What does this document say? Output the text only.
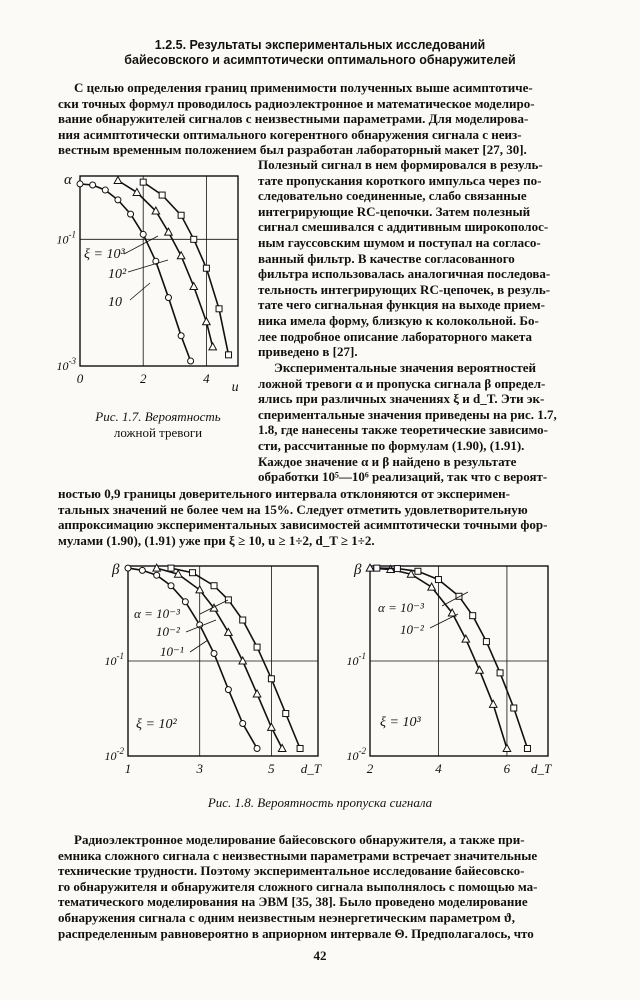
1.2.5. Результаты экспериментальных исследований
байесовского и асимптотически оптимального обнаружителей
С целью определения границ применимости полученных выше асимптотиче-
ски точных формул проводилось радиоэлектронное и математическое моделиро-
вание обнаружителей сигналов с неизвестными параметрами. Для моделирова-
ния асимптотически оптимального когерентного обнаружения сигнала с неиз-
вестным временным положением был разработан лабораторный макет [27, 30].
Полезный сигнал в нем формировался в резуль-
тате пропускания короткого импульса через по-
следовательно соединенные, слабо связанные
интегрирующие RC-цепочки. Затем полезный
сигнал смешивался с аддитивным широкополос-
ным гауссовским шумом и поступал на согласо-
ванный фильтр. В качестве согласованного
фильтра использовалась аналогичная последова-
тельность интегрирующих RC-цепочек, в резуль-
тате чего сигнальная функция на выходе прием-
ника имела форму, близкую к колокольной. Бо-
лее подробное описание лабораторного макета
приведено в [27].
Экспериментальные значения вероятностей
ложной тревоги α и пропуска сигнала β определ-
ялись при различных значениях ξ и d_T. Эти эк-
спериментальные значения приведены на рис. 1.7,
1.8, где нанесены также теоретические зависимо-
сти, рассчитанные по формулам (1.90), (1.91).
Каждое значение α и β найдено в результате
обработки 10⁵—10⁶ реализаций, так что с вероят-
ностью 0,9 границы доверительного интервала отклоняются от эксперимен-
тальных значений не более чем на 15%. Следует отметить удовлетворительную
аппроксимацию экспериментальных зависимостей асимптотически точными фор-
мулами (1.90), (1.91) уже при ξ ≥ 10, u ≥ 1÷2, d_T ≥ 1÷2.
α
$10^{-1}$
$10^{-3}$
0	2	4
u
ξ = 10³
10²
10
Рис. 1.7. Вероятность
ложной тревоги
β
$10^{-1}$
$10^{-2}$
1	3	5 d_T
α = 10⁻³
10⁻²
10⁻¹
ξ = 10²
β
$10^{-1}$
$10^{-2}$
2	4	6 d_T
α = 10⁻³
10⁻²
ξ = 10³
Рис. 1.8. Вероятность пропуска сигнала
Радиоэлектронное моделирование байесовского обнаружителя, а также при-
емника сложного сигнала с неизвестными параметрами встречает значительные
технические трудности. Поэтому экспериментальное исследование байесовско-
го обнаружителя и обнаружителя сложного сигнала выполнялось с помощью ма-
тематического моделирования на ЭВМ [35, 38]. Было проведено моделирование
обнаружения сигнала с одним неизвестным неэнергетическим параметром ϑ,
распределенным равновероятно в априорном интервале Θ. Предполагалось, что
42
